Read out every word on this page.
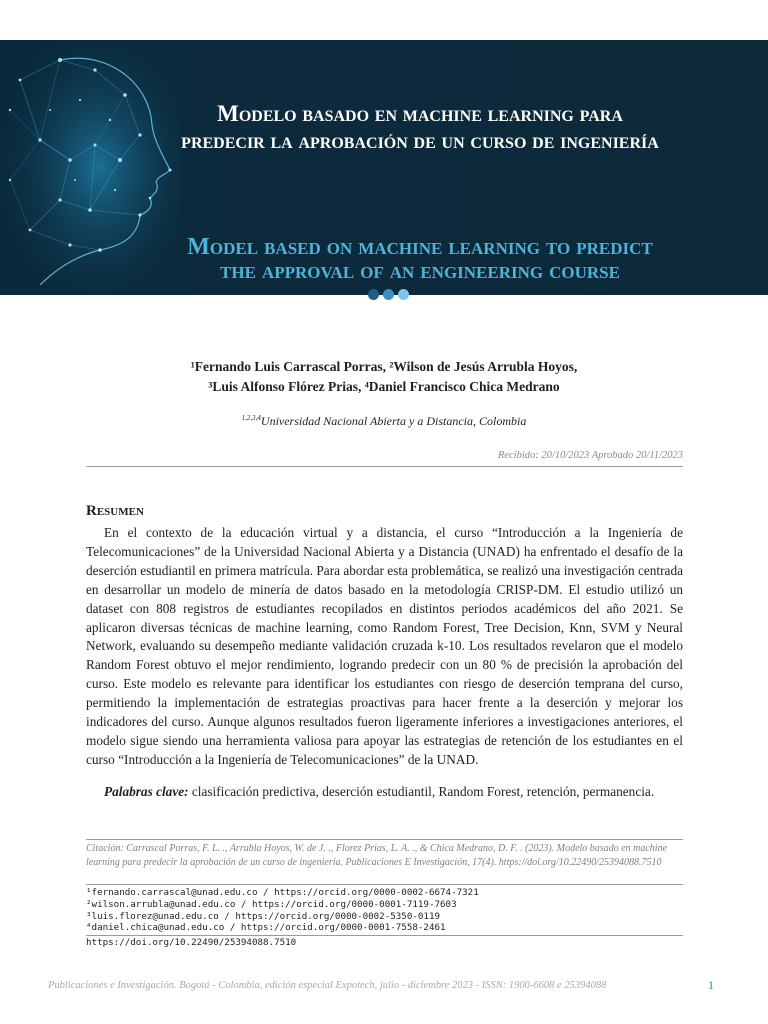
Modelo basado en machine learning para predecir la aprobación de un curso de ingeniería
Model based on machine learning to predict the approval of an engineering course
¹Fernando Luis Carrascal Porras, ²Wilson de Jesús Arrubla Hoyos,
³Luis Alfonso Flórez Prias, ⁴Daniel Francisco Chica Medrano
$^{1,2,3,4}$Universidad Nacional Abierta y a Distancia, Colombia
Recibido: 20/10/2023 Aprobado 20/11/2023
Resumen

En el contexto de la educación virtual y a distancia, el curso “Introducción a la Ingeniería de Telecomunicaciones” de la Universidad Nacional Abierta y a Distancia (UNAD) ha enfrentado el desafío de la deserción estudiantil en primera matrícula. Para abordar esta problemática, se realizó una investigación centrada en desarrollar un modelo de minería de datos basado en la metodología CRISP-DM. El estudio utilizó un dataset con 808 registros de estudiantes recopilados en distintos periodos académicos del año 2021. Se aplicaron diversas técnicas de machine learning, como Random Forest, Tree Decision, Knn, SVM y Neural Network, evaluando su desempeño mediante validación cruzada k-10. Los resultados revelaron que el modelo Random Forest obtuvo el mejor rendimiento, logrando predecir con un 80 % de precisión la aprobación del curso. Este modelo es relevante para identificar los estudiantes con riesgo de deserción temprana del curso, permitiendo la implementación de estrategias proactivas para hacer frente a la deserción y mejorar los indicadores del curso. Aunque algunos resultados fueron ligeramente inferiores a investigaciones anteriores, el modelo sigue siendo una herramienta valiosa para apoyar las estrategias de retención de los estudiantes en el curso “Introducción a la Ingeniería de Telecomunicaciones” de la UNAD.

Palabras clave: clasificación predictiva, deserción estudiantil, Random Forest, retención, permanencia.

Citación: Carrascal Porras, F. L. ., Arrubla Hoyos, W. de J. ., Florez Prias, L. A. ., & Chica Medrano, D. F. . (2023). Modelo basado en machine learning para predecir la aprobación de un curso de ingeniería. Publicaciones E Investigación, 17(4). https://doi.org/10.22490/25394088.7510

¹fernando.carrascal@unad.edu.co / https://orcid.org/0000-0002-6674-7321
²wilson.arrubla@unad.edu.co / https://orcid.org/0000-0001-7119-7603
³luis.florez@unad.edu.co / https://orcid.org/0000-0002-5350-0119
⁴daniel.chica@unad.edu.co / https://orcid.org/0000-0001-7558-2461
https://doi.org/10.22490/25394088.7510
Publicaciones e Investigación. Bogotá - Colombia, edición especial Expotech, julio - diciembre 2023 - ISSN: 1900-6608 e 25394088	1
